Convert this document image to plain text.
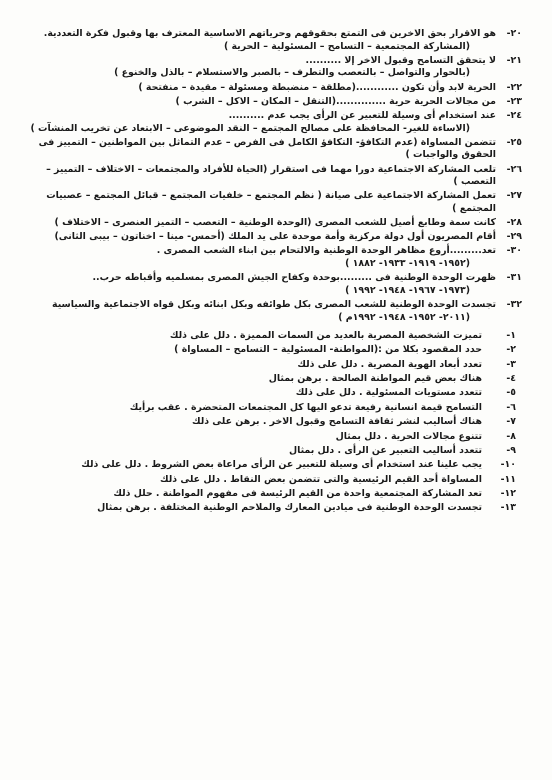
٢٠-
هو الاقرار بحق الاخرين فى التمتع بحقوقهم وحرياتهم الاساسية المعترف بها وقبول فكرة التعددية.
(المشاركة المجتمعية – التسامح – المسئولية – الحرية )
٢١-
لا يتحقق التسامح وقبول الاخر إلا ..........
(بالحوار والتواصل – بالتعصب والتطرف – بالصبر والاستسلام – بالذل والخنوع )
٢٢-
الحرية لابد وأن تكون ............(مطلقة – منضبطة ومسئولة – مقيدة – منفتحة )
٢٣-
من مجالات الحرية حرية ..............(التنقل – المكان – الاكل – الشرب )
٢٤-
عند استخدام أى وسيلة للتعبير عن الرأى يجب عدم ..........
(الاساءة للغير- المحافظة على مصالح المجتمع – النقد الموضوعى – الابتعاد عن تخريب المنشآت )
٢٥-
تتضمن المساواة (عدم التكافؤ- التكافؤ الكامل فى الفرص – عدم التماثل بين المواطنين – التمييز فى الحقوق والواجبات )
٢٦-
تلعب المشاركة الاجتماعية دورا مهما فى استقرار (الحياة للأفراد والمجتمعات – الاختلاف – التمييز – التعصب )
٢٧-
تعمل المشاركة الاجتماعية على صيانة ( نظم المجتمع – خلفيات المجتمع – قبائل المجتمع – عصبيات المجتمع )
٢٨-
كانت سمة وطابع أصيل للشعب المصرى (الوحدة الوطنية – التعصب – التميز العنصرى – الاختلاف )
٢٩-
أقام المصريون أول دولة مركزية وأمة موحدة على يد الملك (أحمس- مينا – اخناتون – بيبى الثانى)
٣٠-
تعد.........أروع مظاهر الوحدة الوطنية والالتحام بين ابناء الشعب المصرى .
(١٩٥٢- ١٩١٩- ١٩٣٣- ١٨٨٢ )
٣١-
ظهرت الوحدة الوطنية فى .........بوحدة وكفاح الجيش المصرى بمسلميه وأقباطه حرب..
(١٩٧٣- ١٩٦٧- ١٩٤٨- ١٩٩٢ )
٣٢-
تجسدت الوحدة الوطنية للشعب المصرى بكل طوائفه وبكل ابنائه وبكل قواه الاجتماعية والسياسية
(٢٠١١- ١٩٥٢- ١٩٤٨- ١٩٩٢م )
١-
تميزت الشخصية المصرية بالعديد من السمات المميزة . دلل على ذلك
٢-
حدد المقصود بكلا من :(المواطنة- المسئولية – التسامح – المساواة )
٣-
تعدد أبعاد الهوية المصرية . دلل على ذلك
٤-
هناك بعض قيم المواطنة الصالحة . برهن بمثال
٥-
تتعدد مستويات المسئولية . دلل على ذلك
٦-
التسامح قيمة انسانية رفيعة تدعو اليها كل المجتمعات المتحضرة . عقب برأيك
٧-
هناك أساليب لنشر ثقافة التسامح وقبول الاخر . برهن على ذلك
٨-
تتنوع مجالات الحرية . دلل بمثال
٩-
تتعدد أساليب التعبير عن الرأى . دلل بمثال
١٠-
يجب علينا عند استخدام أى وسيلة للتعبير عن الرأى مراعاة بعض الشروط . دلل على ذلك
١١-
المساواة أحد القيم الرئيسية والتى تتضمن بعض النقاط . دلل على ذلك
١٢-
تعد المشاركة المجتمعية واحدة من القيم الرئيسة فى مفهوم المواطنة . حلل ذلك
١٣-
تجسدت الوحدة الوطنية فى ميادين المعارك والملاحم الوطنية المختلفة . برهن بمثال
